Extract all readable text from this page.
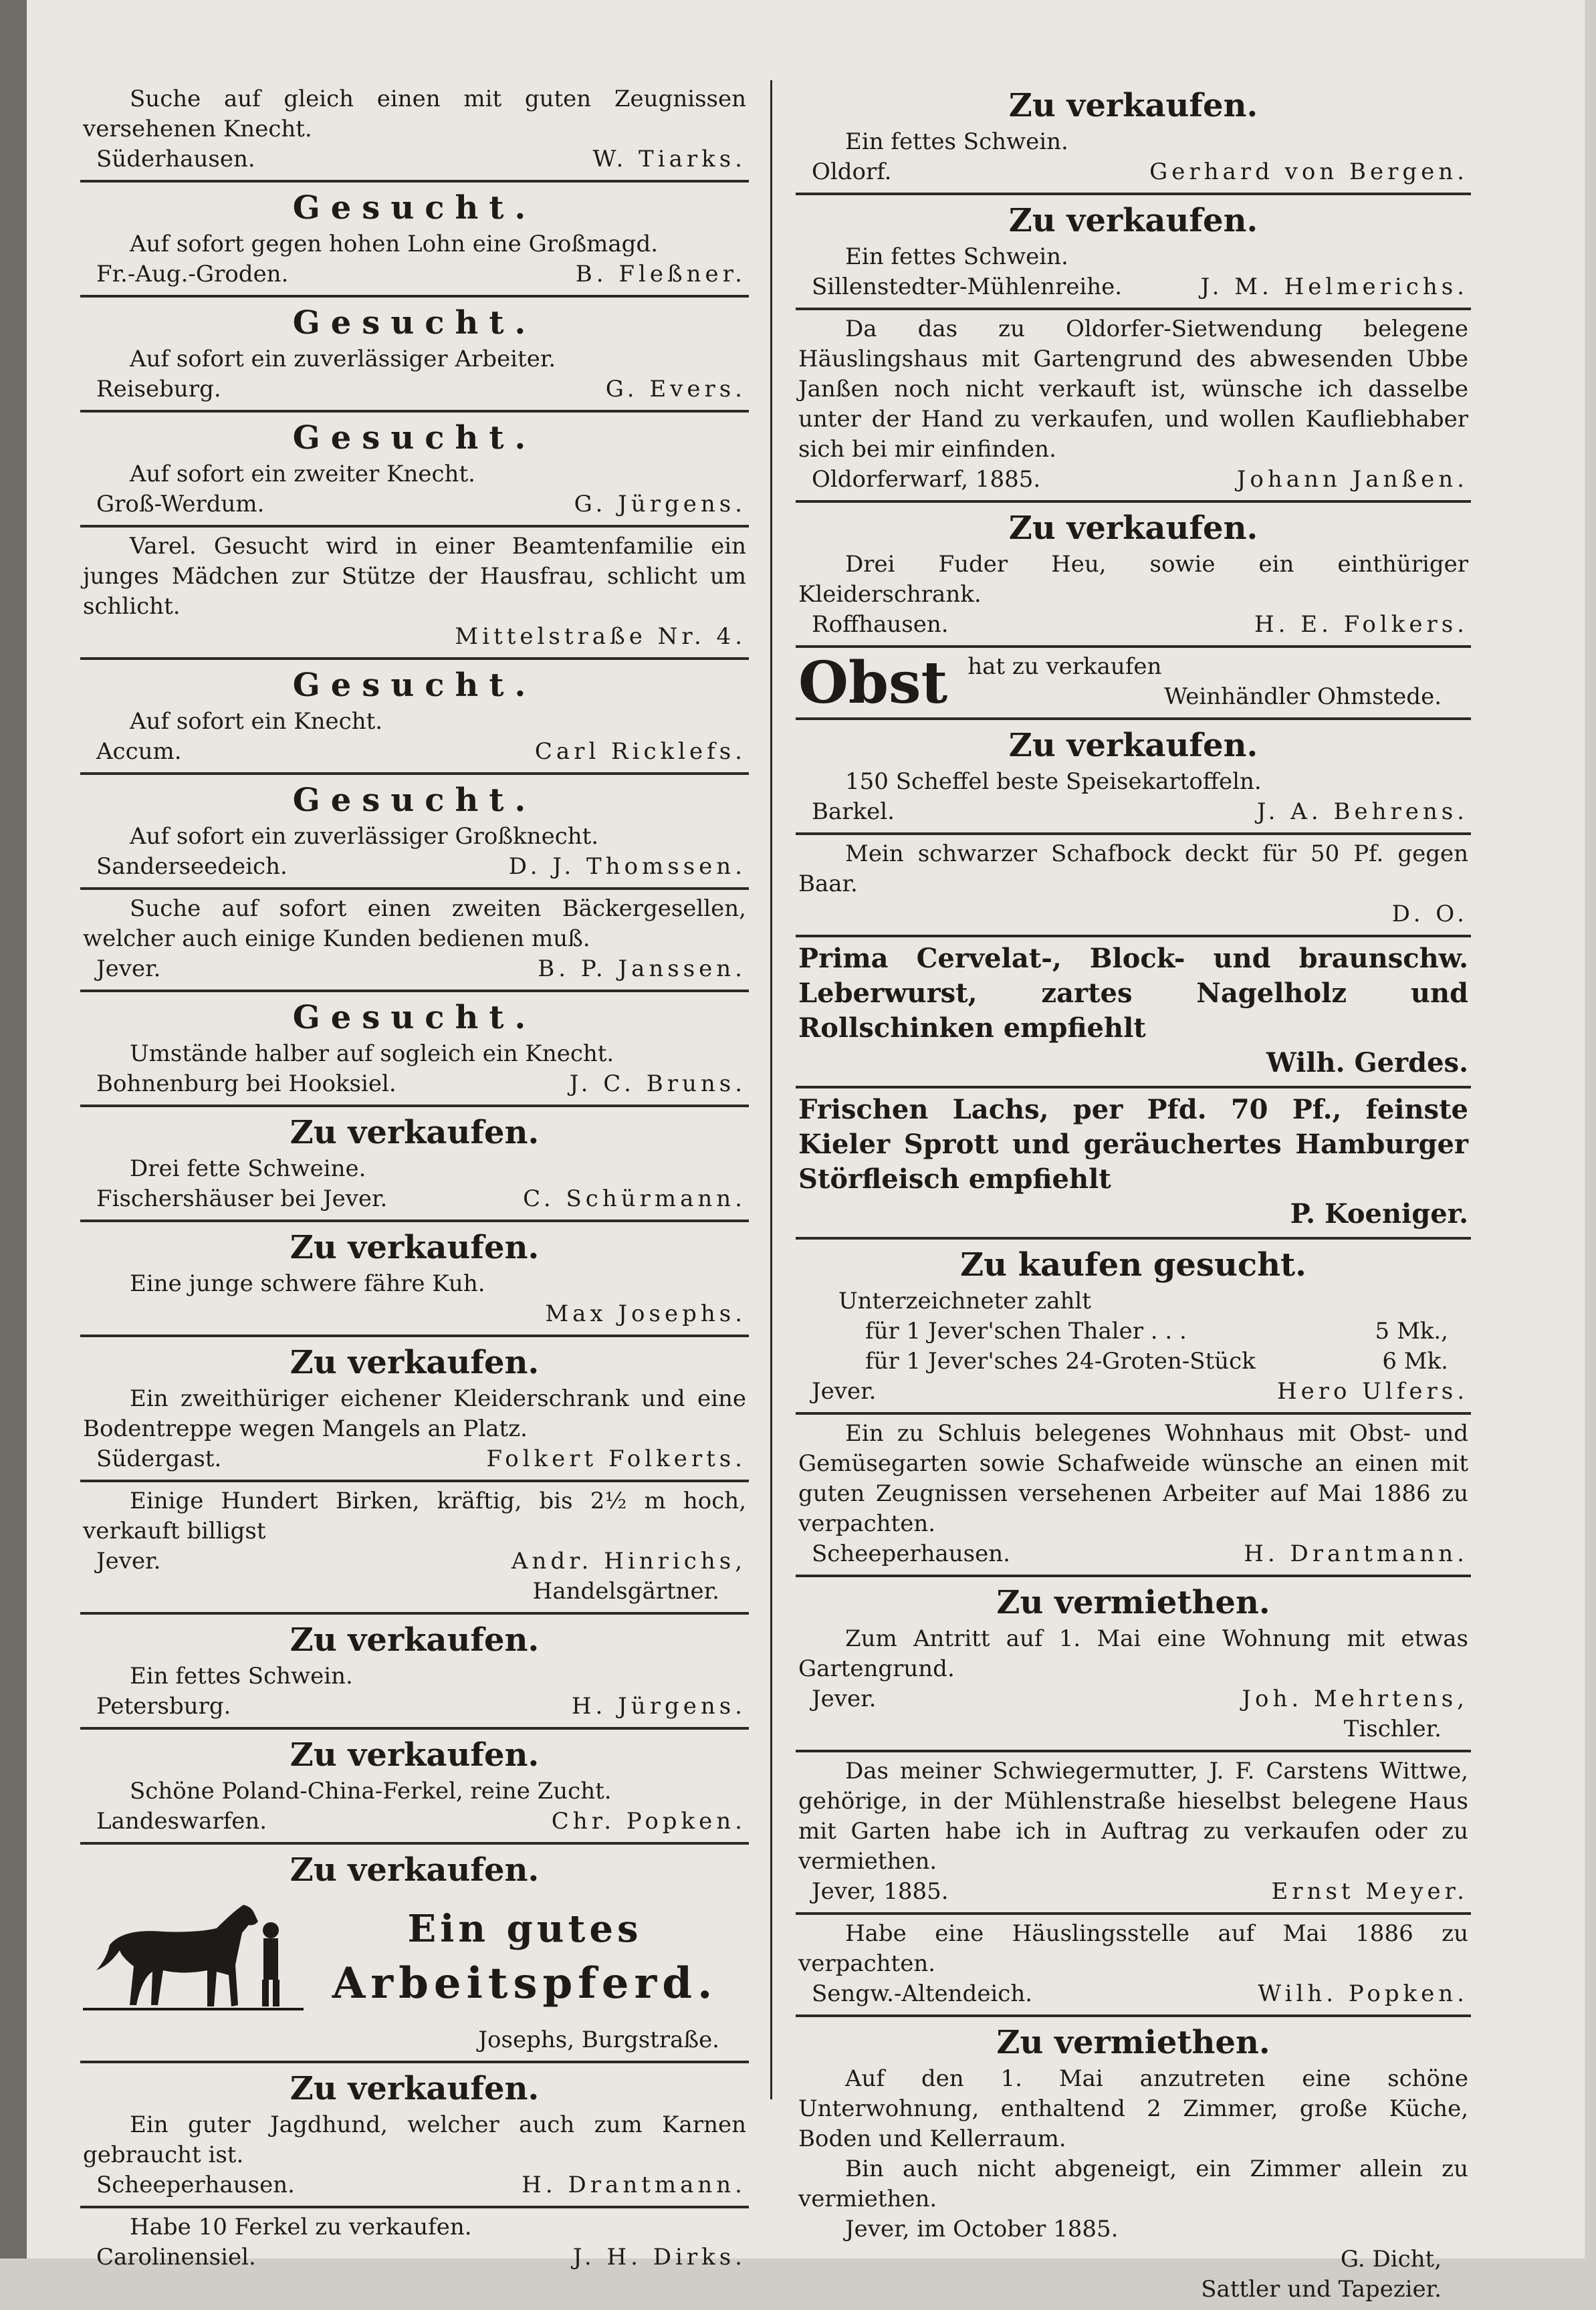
Suche auf gleich einen mit guten Zeugnissen versehenen Knecht.
Süderhausen.	W. Tiarks.
Gesucht.
Auf sofort gegen hohen Lohn eine Großmagd.
Fr.-Aug.-Groden.	B. Fleßner.
Gesucht.
Auf sofort ein zuverlässiger Arbeiter.
Reiseburg.	G. Evers.
Gesucht.
Auf sofort ein zweiter Knecht.
Groß-Werdum.	G. Jürgens.
Varel. Gesucht wird in einer Beamtenfamilie ein junges Mädchen zur Stütze der Hausfrau, schlicht um schlicht.
Mittelstraße Nr. 4.
Gesucht.
Auf sofort ein Knecht.
Accum.	Carl Ricklefs.
Gesucht.
Auf sofort ein zuverlässiger Großknecht.
Sanderseedeich.	D. J. Thomssen.
Suche auf sofort einen zweiten Bäckergesellen, welcher auch einige Kunden bedienen muß.
Jever.	B. P. Janssen.
Gesucht.
Umstände halber auf sogleich ein Knecht.
Bohnenburg bei Hooksiel.	J. C. Bruns.
Zu verkaufen.
Drei fette Schweine.
Fischershäuser bei Jever.	C. Schürmann.
Zu verkaufen.
Eine junge schwere fähre Kuh.
Max Josephs.
Zu verkaufen.
Ein zweithüriger eichener Kleiderschrank und eine Bodentreppe wegen Mangels an Platz.
Südergast.	Folkert Folkerts.
Einige Hundert Birken, kräftig, bis 2½ m hoch, verkauft billigst
Jever.	Andr. Hinrichs,
Handelsgärtner.
Zu verkaufen.
Ein fettes Schwein.
Petersburg.	H. Jürgens.
Zu verkaufen.
Schöne Poland-China-Ferkel, reine Zucht.
Landeswarfen.	Chr. Popken.
Zu verkaufen.
Ein gutes
Arbeitspferd.
Josephs, Burgstraße.
Zu verkaufen.
Ein guter Jagdhund, welcher auch zum Karnen gebraucht ist.
Scheeperhausen.	H. Drantmann.
Habe 10 Ferkel zu verkaufen.
Carolinensiel.	J. H. Dirks.
Zu verkaufen.
Ein fettes Schwein.
Oldorf.	Gerhard von Bergen.
Zu verkaufen.
Ein fettes Schwein.
Sillenstedter-Mühlenreihe.	J. M. Helmerichs.
Da das zu Oldorfer-Sietwendung belegene Häuslingshaus mit Gartengrund des abwesenden Ubbe Janßen noch nicht verkauft ist, wünsche ich dasselbe unter der Hand zu verkaufen, und wollen Kaufliebhaber sich bei mir einfinden.
Oldorferwarf, 1885.	Johann Janßen.
Zu verkaufen.
Drei Fuder Heu, sowie ein einthüriger Kleiderschrank.
Roffhausen.	H. E. Folkers.
Obst hat zu verkaufen
Weinhändler Ohmstede.
Zu verkaufen.
150 Scheffel beste Speisekartoffeln.
Barkel.	J. A. Behrens.
Mein schwarzer Schafbock deckt für 50 Pf. gegen Baar.
D. O.
Prima Cervelat-, Block- und braunschw. Leberwurst, zartes Nagelholz und Rollschinken empfiehlt
Wilh. Gerdes.
Frischen Lachs, per Pfd. 70 Pf., feinste Kieler Sprott und geräuchertes Hamburger Störfleisch empfiehlt
P. Koeniger.
Zu kaufen gesucht.
Unterzeichneter zahlt
für 1 Jever'schen Thaler . . .	5 Mk.,
für 1 Jever'sches 24-Groten-Stück	6 Mk.
Jever.	Hero Ulfers.
Ein zu Schluis belegenes Wohnhaus mit Obst- und Gemüsegarten sowie Schafweide wünsche an einen mit guten Zeugnissen versehenen Arbeiter auf Mai 1886 zu verpachten.
Scheeperhausen.	H. Drantmann.
Zu vermiethen.
Zum Antritt auf 1. Mai eine Wohnung mit etwas Gartengrund.
Jever.	Joh. Mehrtens,
Tischler.
Das meiner Schwiegermutter, J. F. Carstens Wittwe, gehörige, in der Mühlenstraße hieselbst belegene Haus mit Garten habe ich in Auftrag zu verkaufen oder zu vermiethen.
Jever, 1885.	Ernst Meyer.
Habe eine Häuslingsstelle auf Mai 1886 zu verpachten.
Sengw.-Altendeich.	Wilh. Popken.
Zu vermiethen.
Auf den 1. Mai anzutreten eine schöne Unterwohnung, enthaltend 2 Zimmer, große Küche, Boden und Kellerraum.
Bin auch nicht abgeneigt, ein Zimmer allein zu vermiethen.
Jever, im October 1885.
G. Dicht,
Sattler und Tapezier.
